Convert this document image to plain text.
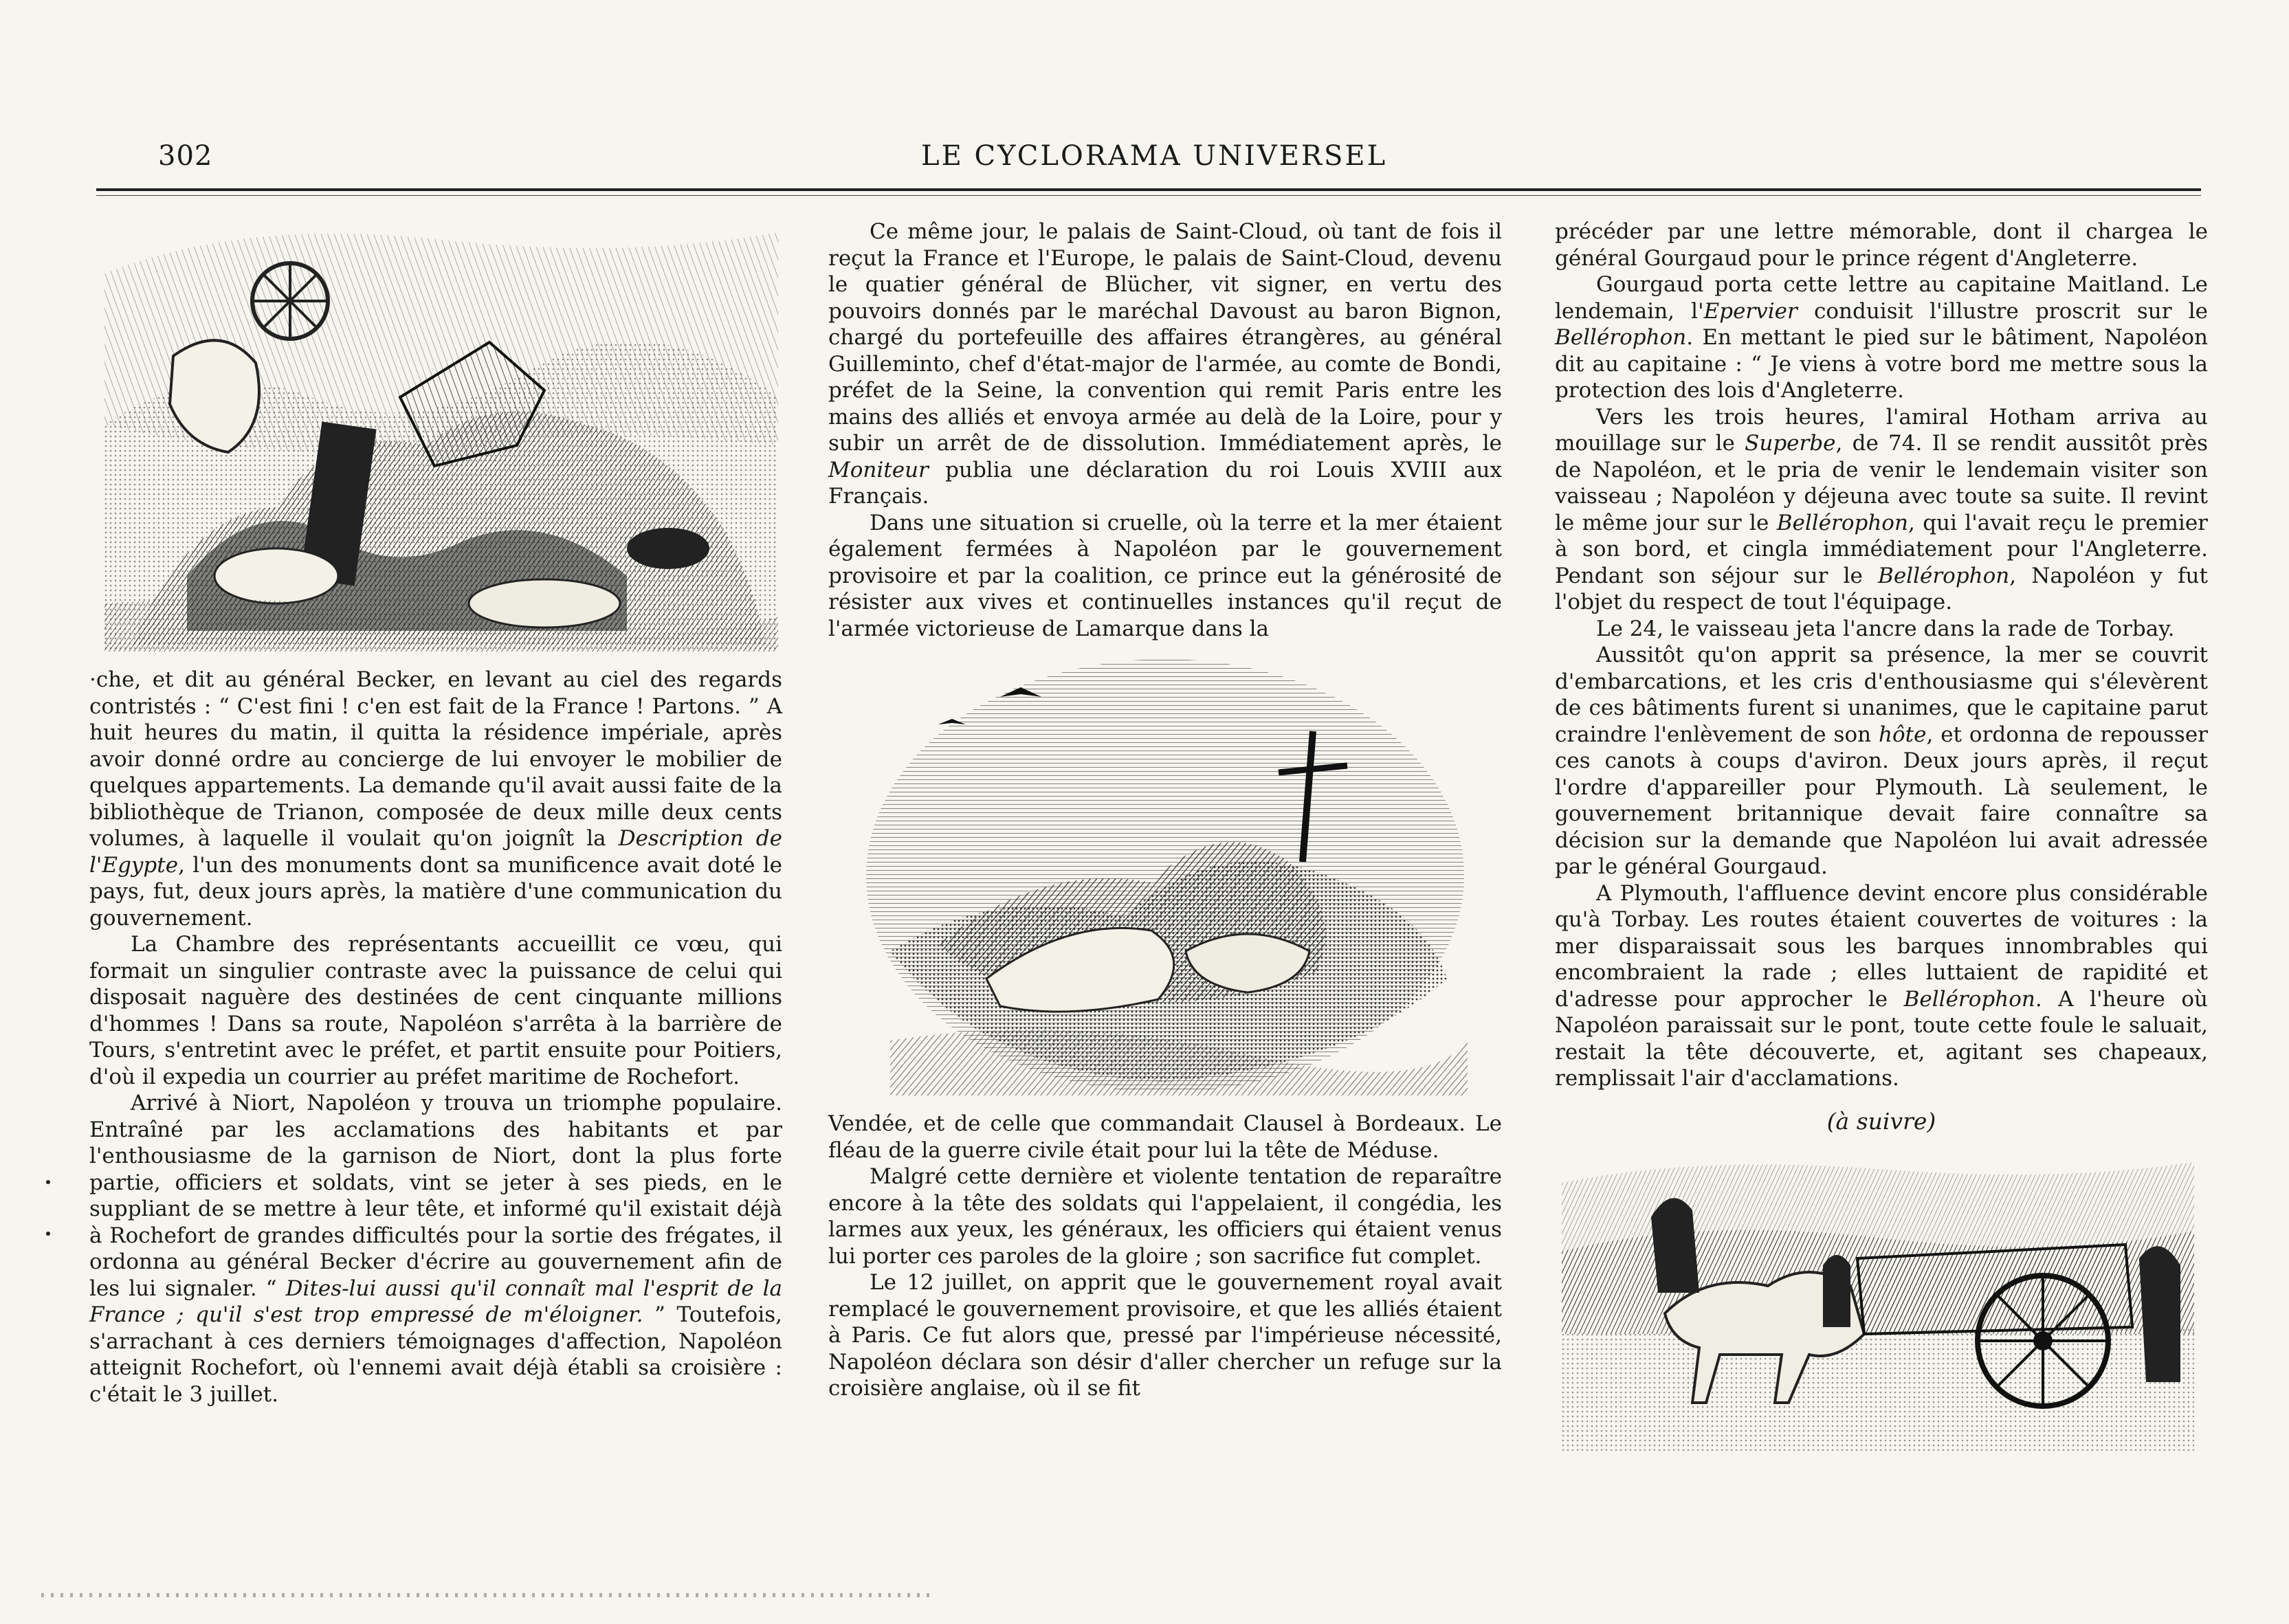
302	LE CYCLORAMA UNIVERSEL

·che, et dit au général Becker, en levant au ciel des regards contristés : “ C'est fini ! c'en est fait de la France ! Partons. ” A huit heures du matin, il quitta la résidence impériale, après avoir donné ordre au concierge de lui envoyer le mobilier de quelques appartements. La demande qu'il avait aussi faite de la bibliothèque de Trianon, composée de deux mille deux cents volumes, à laquelle il voulait qu'on joignît la Description de l'Egypte, l'un des monuments dont sa munificence avait doté le pays, fut, deux jours après, la matière d'une communication du gouvernement.

La Chambre des représentants accueillit ce vœu, qui formait un singulier contraste avec la puissance de celui qui disposait naguère des destinées de cent cinquante millions d'hommes ! Dans sa route, Napoléon s'arrêta à la barrière de Tours, s'entretint avec le préfet, et partit ensuite pour Poitiers, d'où il expedia un courrier au préfet maritime de Rochefort.

Arrivé à Niort, Napoléon y trouva un triomphe populaire. Entraîné par les acclamations des habitants et par l'enthousiasme de la garnison de Niort, dont la plus forte partie, officiers et soldats, vint se jeter à ses pieds, en le suppliant de se mettre à leur tête, et informé qu'il existait déjà à Rochefort de grandes difficultés pour la sortie des frégates, il ordonna au général Becker d'écrire au gouvernement afin de les lui signaler. “ Dites-lui aussi qu'il connaît mal l'esprit de la France ; qu'il s'est trop empressé de m'éloigner. ” Toutefois, s'arrachant à ces derniers témoignages d'affection, Napoléon atteignit Rochefort, où l'ennemi avait déjà établi sa croisière : c'était le 3 juillet.

Ce même jour, le palais de Saint-Cloud, où tant de fois il reçut la France et l'Europe, le palais de Saint-Cloud, devenu le quatier général de Blücher, vit signer, en vertu des pouvoirs donnés par le maréchal Davoust au baron Bignon, chargé du portefeuille des affaires étrangères, au général Guilleminto, chef d'état-major de l'armée, au comte de Bondi, préfet de la Seine, la convention qui remit Paris entre les mains des alliés et envoya armée au delà de la Loire, pour y subir un arrêt de de dissolution. Immédiatement après, le Moniteur publia une déclaration du roi Louis XVIII aux Français.

Dans une situation si cruelle, où la terre et la mer étaient également fermées à Napoléon par le gouvernement provisoire et par la coalition, ce prince eut la générosité de résister aux vives et continuelles instances qu'il reçut de l'armée victorieuse de Lamarque dans la

Vendée, et de celle que commandait Clausel à Bordeaux. Le fléau de la guerre civile était pour lui la tête de Méduse.

Malgré cette dernière et violente tentation de reparaître encore à la tête des soldats qui l'appelaient, il congédia, les larmes aux yeux, les généraux, les officiers qui étaient venus lui porter ces paroles de la gloire ; son sacrifice fut complet.

Le 12 juillet, on apprit que le gouvernement royal avait remplacé le gouvernement provisoire, et que les alliés étaient à Paris. Ce fut alors que, pressé par l'impérieuse nécessité, Napoléon déclara son désir d'aller chercher un refuge sur la croisière anglaise, où il se fit

précéder par une lettre mémorable, dont il chargea le général Gourgaud pour le prince régent d'Angleterre.

Gourgaud porta cette lettre au capitaine Maitland. Le lendemain, l'Epervier conduisit l'illustre proscrit sur le Bellérophon. En mettant le pied sur le bâtiment, Napoléon dit au capitaine : “ Je viens à votre bord me mettre sous la protection des lois d'Angleterre.

Vers les trois heures, l'amiral Hotham arriva au mouillage sur le Superbe, de 74. Il se rendit aussitôt près de Napoléon, et le pria de venir le lendemain visiter son vaisseau ; Napoléon y déjeuna avec toute sa suite. Il revint le même jour sur le Bellérophon, qui l'avait reçu le premier à son bord, et cingla immédiatement pour l'Angleterre. Pendant son séjour sur le Bellérophon, Napoléon y fut l'objet du respect de tout l'équipage.

Le 24, le vaisseau jeta l'ancre dans la rade de Torbay.

Aussitôt qu'on apprit sa présence, la mer se couvrit d'embarcations, et les cris d'enthousiasme qui s'élevèrent de ces bâtiments furent si unanimes, que le capitaine parut craindre l'enlèvement de son hôte, et ordonna de repousser ces canots à coups d'aviron. Deux jours après, il reçut l'ordre d'appareiller pour Plymouth. Là seulement, le gouvernement britannique devait faire connaître sa décision sur la demande que Napoléon lui avait adressée par le général Gourgaud.

A Plymouth, l'affluence devint encore plus considérable qu'à Torbay. Les routes étaient couvertes de voitures : la mer disparaissait sous les barques innombrables qui encombraient la rade ; elles luttaient de rapidité et d'adresse pour approcher le Bellérophon. A l'heure où Napoléon paraissait sur le pont, toute cette foule le saluait, restait la tête découverte, et, agitant ses chapeaux, remplissait l'air d'acclamations.

(à suivre)
